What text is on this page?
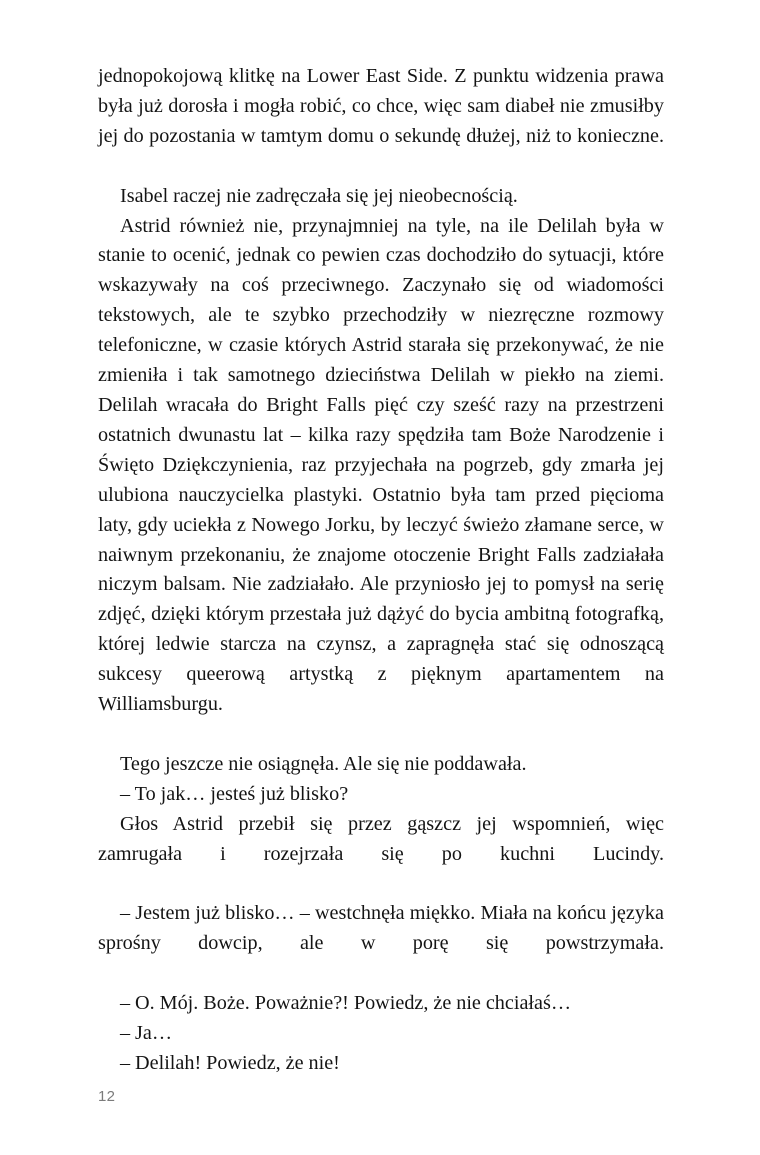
jednopokojową klitkę na Lower East Side. Z punktu widzenia prawa była już dorosła i mogła robić, co chce, więc sam diabeł nie zmusiłby jej do pozostania w tamtym domu o sekundę dłużej, niż to konieczne.

Isabel raczej nie zadręczała się jej nieobecnością.

Astrid również nie, przynajmniej na tyle, na ile Delilah była w stanie to ocenić, jednak co pewien czas dochodziło do sytuacji, które wskazywały na coś przeciwnego. Zaczynało się od wiadomości tekstowych, ale te szybko przechodziły w niezręczne rozmowy telefoniczne, w czasie których Astrid starała się przekonywać, że nie zmieniła i tak samotnego dzieciństwa Delilah w piekło na ziemi. Delilah wracała do Bright Falls pięć czy sześć razy na przestrzeni ostatnich dwunastu lat – kilka razy spędziła tam Boże Narodzenie i Święto Dziękczynienia, raz przyjechała na pogrzeb, gdy zmarła jej ulubiona nauczycielka plastyki. Ostatnio była tam przed pięcioma laty, gdy uciekła z Nowego Jorku, by leczyć świeżo złamane serce, w naiwnym przekonaniu, że znajome otoczenie Bright Falls zadziałała niczym balsam. Nie zadziałało. Ale przyniosło jej to pomysł na serię zdjęć, dzięki którym przestała już dążyć do bycia ambitną fotografką, której ledwie starcza na czynsz, a zapragnęła stać się odnoszącą sukcesy queerową artystką z pięknym apartamentem na Williamsburgu.

Tego jeszcze nie osiągnęła. Ale się nie poddawała.

– To jak… jesteś już blisko?

Głos Astrid przebił się przez gąszcz jej wspomnień, więc zamrugała i rozejrzała się po kuchni Lucindy.

– Jestem już blisko… – westchnęła miękko. Miała na końcu języka sprośny dowcip, ale w porę się powstrzymała.

– O. Mój. Boże. Poważnie?! Powiedz, że nie chciałaś…

– Ja…

– Delilah! Powiedz, że nie!

12
